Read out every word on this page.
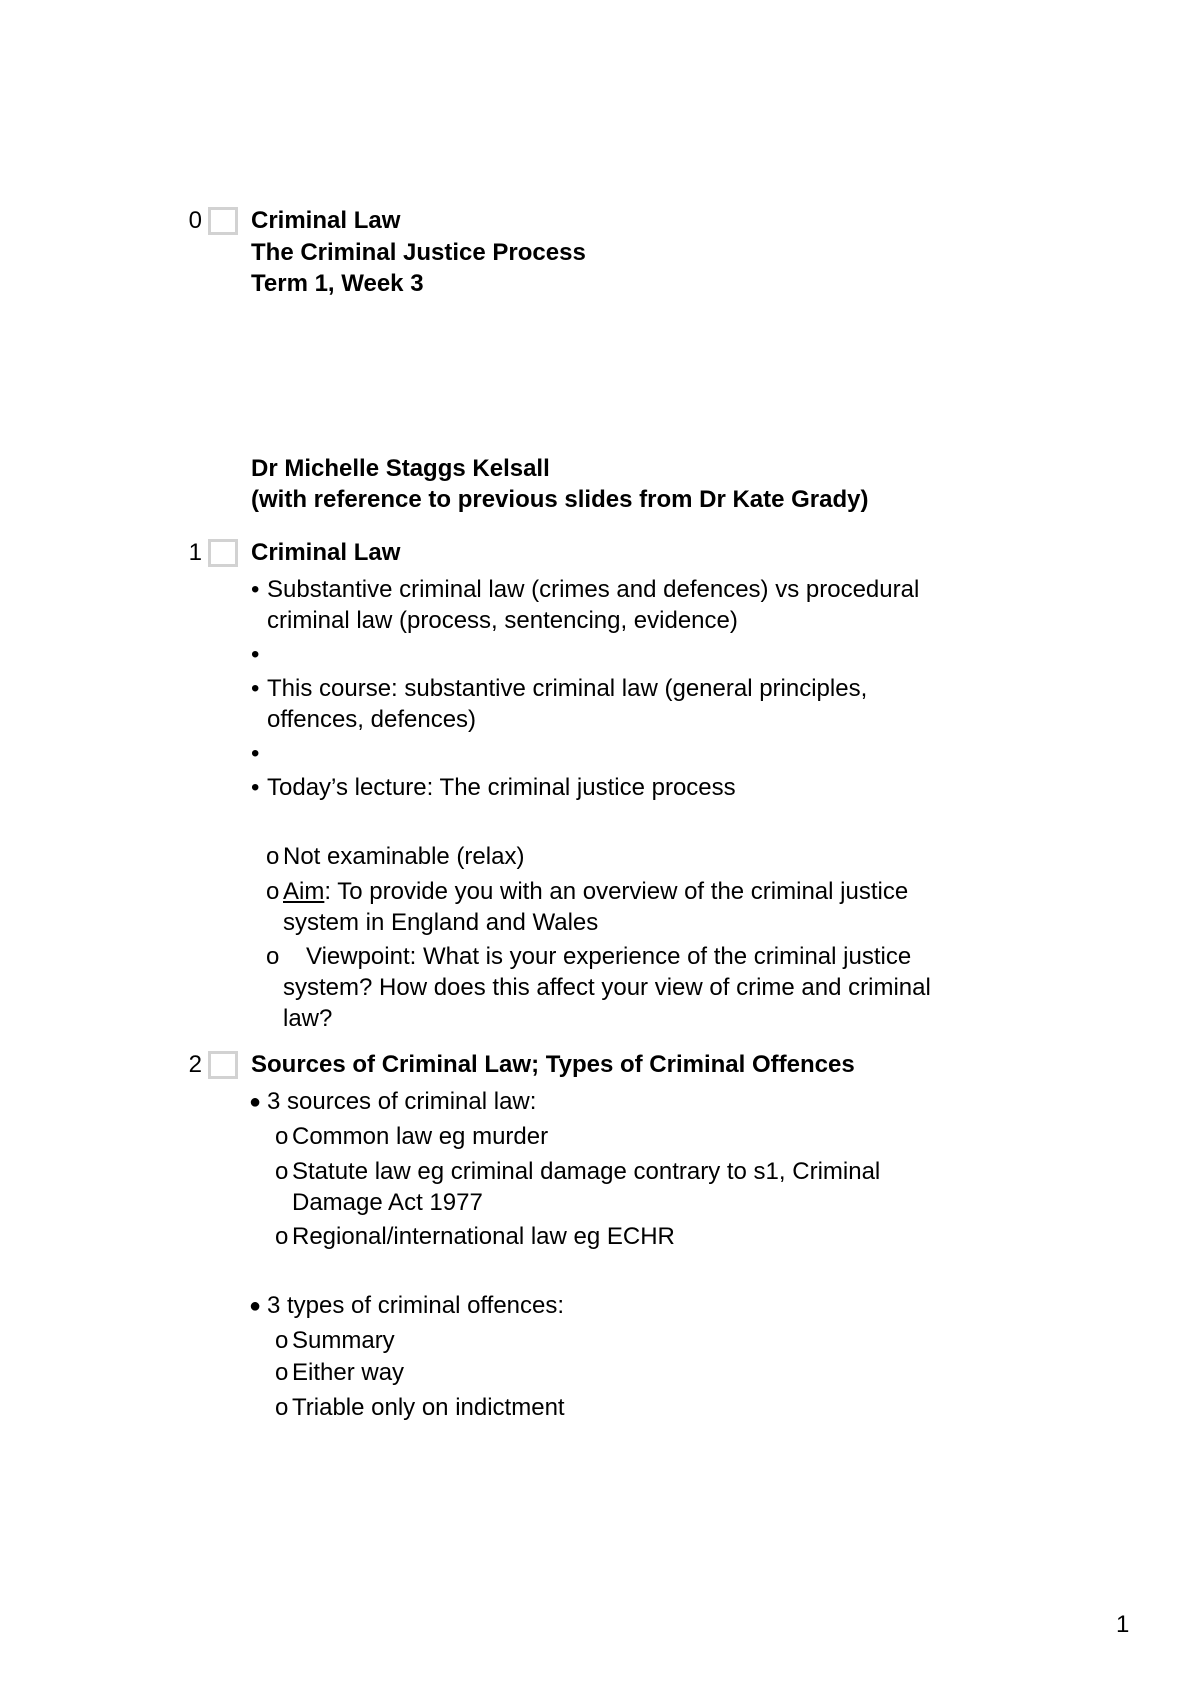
0 Criminal Law
The Criminal Justice Process
Term 1, Week 3
Dr Michelle Staggs Kelsall
(with reference to previous slides from Dr Kate Grady)
1 Criminal Law
• Substantive criminal law (crimes and defences) vs procedural
criminal law (process, sentencing, evidence)
•
• This course: substantive criminal law (general principles,
offences, defences)
•
• Today’s lecture: The criminal justice process
o Not examinable (relax)
o Aim: To provide you with an overview of the criminal justice
system in England and Wales
o Viewpoint: What is your experience of the criminal justice
system? How does this affect your view of crime and criminal
law?
2 Sources of Criminal Law; Types of Criminal Offences
● 3 sources of criminal law:
o Common law eg murder
o Statute law eg criminal damage contrary to s1, Criminal
Damage Act 1977
o Regional/international law eg ECHR
● 3 types of criminal offences:
o Summary
o Either way
o Triable only on indictment
1
